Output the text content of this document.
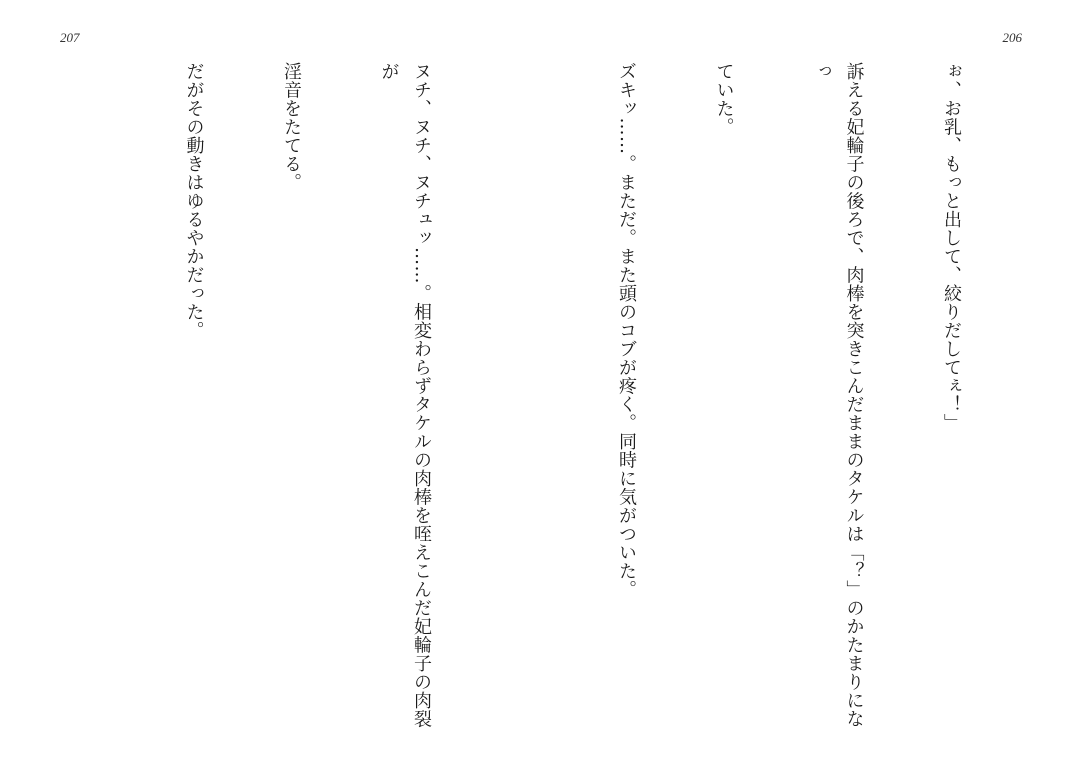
207

ヌチ、ヌチ、ヌチュッ……。相変わらずタケルの肉棒を咥えこんだ妃輪子の肉裂が

淫音をたてる。

だがその動きはゆるやかだった。

206

ぉ、お乳、もっと出して、絞りだしてぇ！」

訴える妃輪子の後ろで、肉棒を突きこんだままのタケルは「？」のかたまりになっ

ていた。

ズキッ……。まただ。また頭のコブが疼く。同時に気がついた。
